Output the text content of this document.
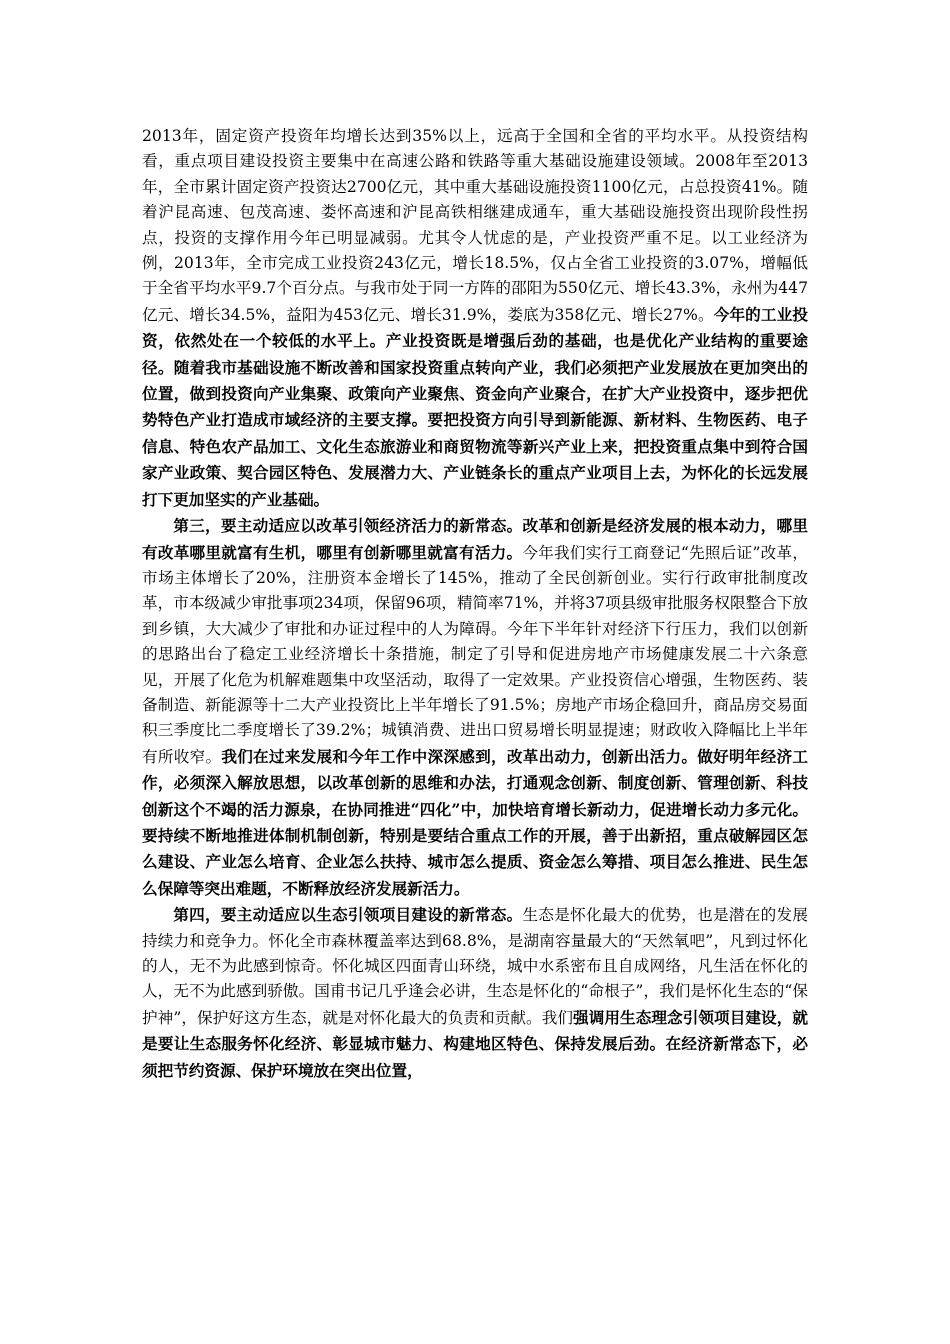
2013年，固定资产投资年均增长达到35%以上，远高于全国和全省的平均水平。从投资结构看，重点项目建设投资主要集中在高速公路和铁路等重大基础设施建设领域。2008年至2013年，全市累计固定资产投资达2700亿元，其中重大基础设施投资1100亿元，占总投资41%。随着沪昆高速、包茂高速、娄怀高速和沪昆高铁相继建成通车，重大基础设施投资出现阶段性拐点，投资的支撑作用今年已明显减弱。尤其令人忧虑的是，产业投资严重不足。以工业经济为例，2013年，全市完成工业投资243亿元，增长18.5%，仅占全省工业投资的3.07%，增幅低于全省平均水平9.7个百分点。与我市处于同一方阵的邵阳为550亿元、增长43.3%，永州为447亿元、增长34.5%，益阳为453亿元、增长31.9%，娄底为358亿元、增长27%。今年的工业投资，依然处在一个较低的水平上。产业投资既是增强后劲的基础，也是优化产业结构的重要途径。随着我市基础设施不断改善和国家投资重点转向产业，我们必须把产业发展放在更加突出的位置，做到投资向产业集聚、政策向产业聚焦、资金向产业聚合，在扩大产业投资中，逐步把优势特色产业打造成市域经济的主要支撑。要把投资方向引导到新能源、新材料、生物医药、电子信息、特色农产品加工、文化生态旅游业和商贸物流等新兴产业上来，把投资重点集中到符合国家产业政策、契合园区特色、发展潜力大、产业链条长的重点产业项目上去，为怀化的长远发展打下更加坚实的产业基础。

第三，要主动适应以改革引领经济活力的新常态。改革和创新是经济发展的根本动力，哪里有改革哪里就富有生机，哪里有创新哪里就富有活力。今年我们实行工商登记“先照后证”改革，市场主体增长了20%，注册资本金增长了145%，推动了全民创新创业。实行行政审批制度改革，市本级减少审批事项234项，保留96项，精简率71%，并将37项县级审批服务权限整合下放到乡镇，大大减少了审批和办证过程中的人为障碍。今年下半年针对经济下行压力，我们以创新的思路出台了稳定工业经济增长十条措施，制定了引导和促进房地产市场健康发展二十六条意见，开展了化危为机解难题集中攻坚活动，取得了一定效果。产业投资信心增强，生物医药、装备制造、新能源等十二大产业投资比上半年增长了91.5%；房地产市场企稳回升，商品房交易面积三季度比二季度增长了39.2%；城镇消费、进出口贸易增长明显提速；财政收入降幅比上半年有所收窄。我们在过来发展和今年工作中深深感到，改革出动力，创新出活力。做好明年经济工作，必须深入解放思想，以改革创新的思维和办法，打通观念创新、制度创新、管理创新、科技创新这个不竭的活力源泉，在协同推进“四化”中，加快培育增长新动力，促进增长动力多元化。要持续不断地推进体制机制创新，特别是要结合重点工作的开展，善于出新招，重点破解园区怎么建设、产业怎么培育、企业怎么扶持、城市怎么提质、资金怎么筹措、项目怎么推进、民生怎么保障等突出难题，不断释放经济发展新活力。

第四，要主动适应以生态引领项目建设的新常态。生态是怀化最大的优势，也是潜在的发展持续力和竞争力。怀化全市森林覆盖率达到68.8%，是湖南容量最大的“天然氧吧”，凡到过怀化的人，无不为此感到惊奇。怀化城区四面青山环绕，城中水系密布且自成网络，凡生活在怀化的人，无不为此感到骄傲。国甫书记几乎逢会必讲，生态是怀化的“命根子”，我们是怀化生态的“保护神”，保护好这方生态，就是对怀化最大的负责和贡献。我们强调用生态理念引领项目建设，就是要让生态服务怀化经济、彰显城市魅力、构建地区特色、保持发展后劲。在经济新常态下，必须把节约资源、保护环境放在突出位置，
